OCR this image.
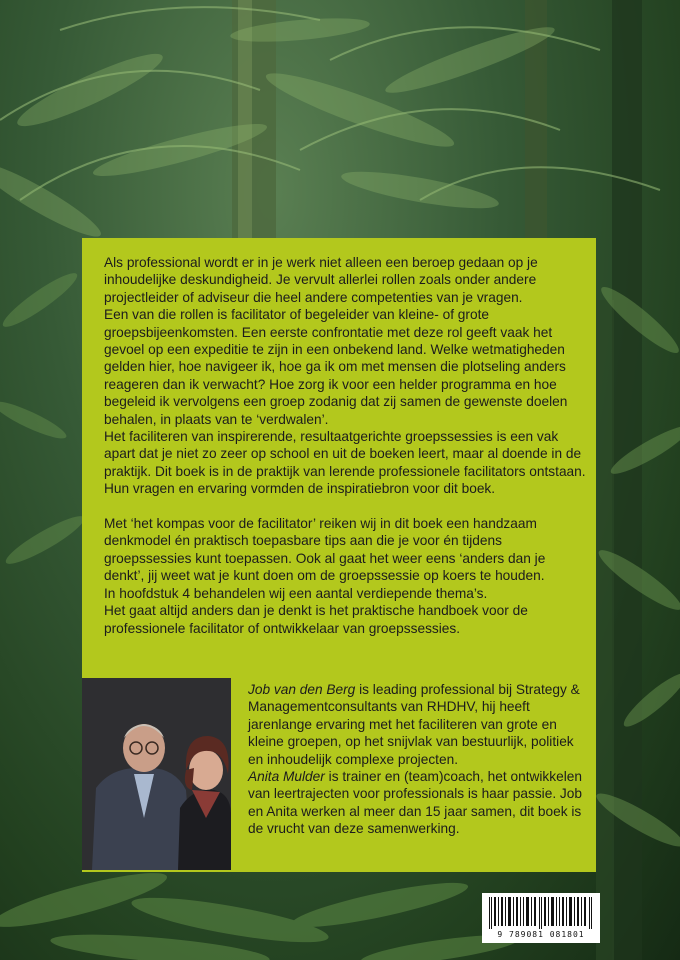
Als professional wordt er in je werk niet alleen een beroep gedaan op je inhoudelijke deskundigheid. Je vervult allerlei rollen zoals onder andere projectleider of adviseur die heel andere competenties van je vragen.

Een van die rollen is facilitator of begeleider van kleine- of grote groepsbijeenkomsten. Een eerste confrontatie met deze rol geeft vaak het gevoel op een expeditie te zijn in een onbekend land. Welke wetmatigheden gelden hier, hoe navigeer ik, hoe ga ik om met mensen die plotseling anders reageren dan ik verwacht? Hoe zorg ik voor een helder programma en hoe begeleid ik vervolgens een groep zodanig dat zij samen de gewenste doelen behalen, in plaats van te ‘verdwalen’.

Het faciliteren van inspirerende, resultaatgerichte groepssessies is een vak apart dat je niet zo zeer op school en uit de boeken leert, maar al doende in de praktijk. Dit boek is in de praktijk van lerende professionele facilitators ontstaan. Hun vragen en ervaring vormden de inspiratiebron voor dit boek.

Met ‘het kompas voor de facilitator’ reiken wij in dit boek een handzaam denkmodel én praktisch toepasbare tips aan die je voor én tijdens groepssessies kunt toepassen. Ook al gaat het weer eens ‘anders dan je denkt’, jij weet wat je kunt doen om de groepssessie op koers te houden.

In hoofdstuk 4 behandelen wij een aantal verdiepende thema’s.

Het gaat altijd anders dan je denkt is het praktische handboek voor de professionele facilitator of ontwikkelaar van groepssessies.

Job van den Berg is leading professional bij Strategy & Managementconsultants van RHDHV, hij heeft jarenlange ervaring met het faciliteren van grote en kleine groepen, op het snijvlak van bestuurlijk, politiek en inhoudelijk complexe projecten.

Anita Mulder is trainer en (team)coach, het ontwikkelen van leertrajecten voor professionals is haar passie. Job en Anita werken al meer dan 15 jaar samen, dit boek is de vrucht van deze samenwerking.

9 789081 081801
